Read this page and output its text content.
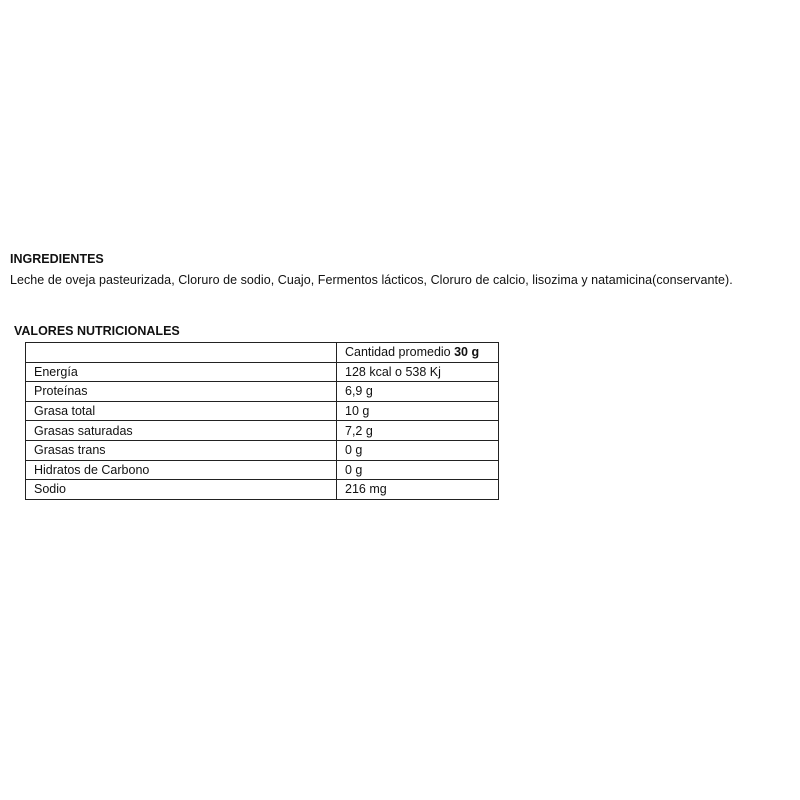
INGREDIENTES
Leche de oveja pasteurizada, Cloruro de sodio, Cuajo, Fermentos lácticos, Cloruro de calcio, lisozima y natamicina(conservante).
VALORES NUTRICIONALES
	Cantidad promedio 30 g
Energía	128 kcal o 538 Kj
Proteínas	6,9 g
Grasa total	10 g
Grasas saturadas	7,2 g
Grasas trans	0 g
Hidratos de Carbono	0 g
Sodio	216 mg
